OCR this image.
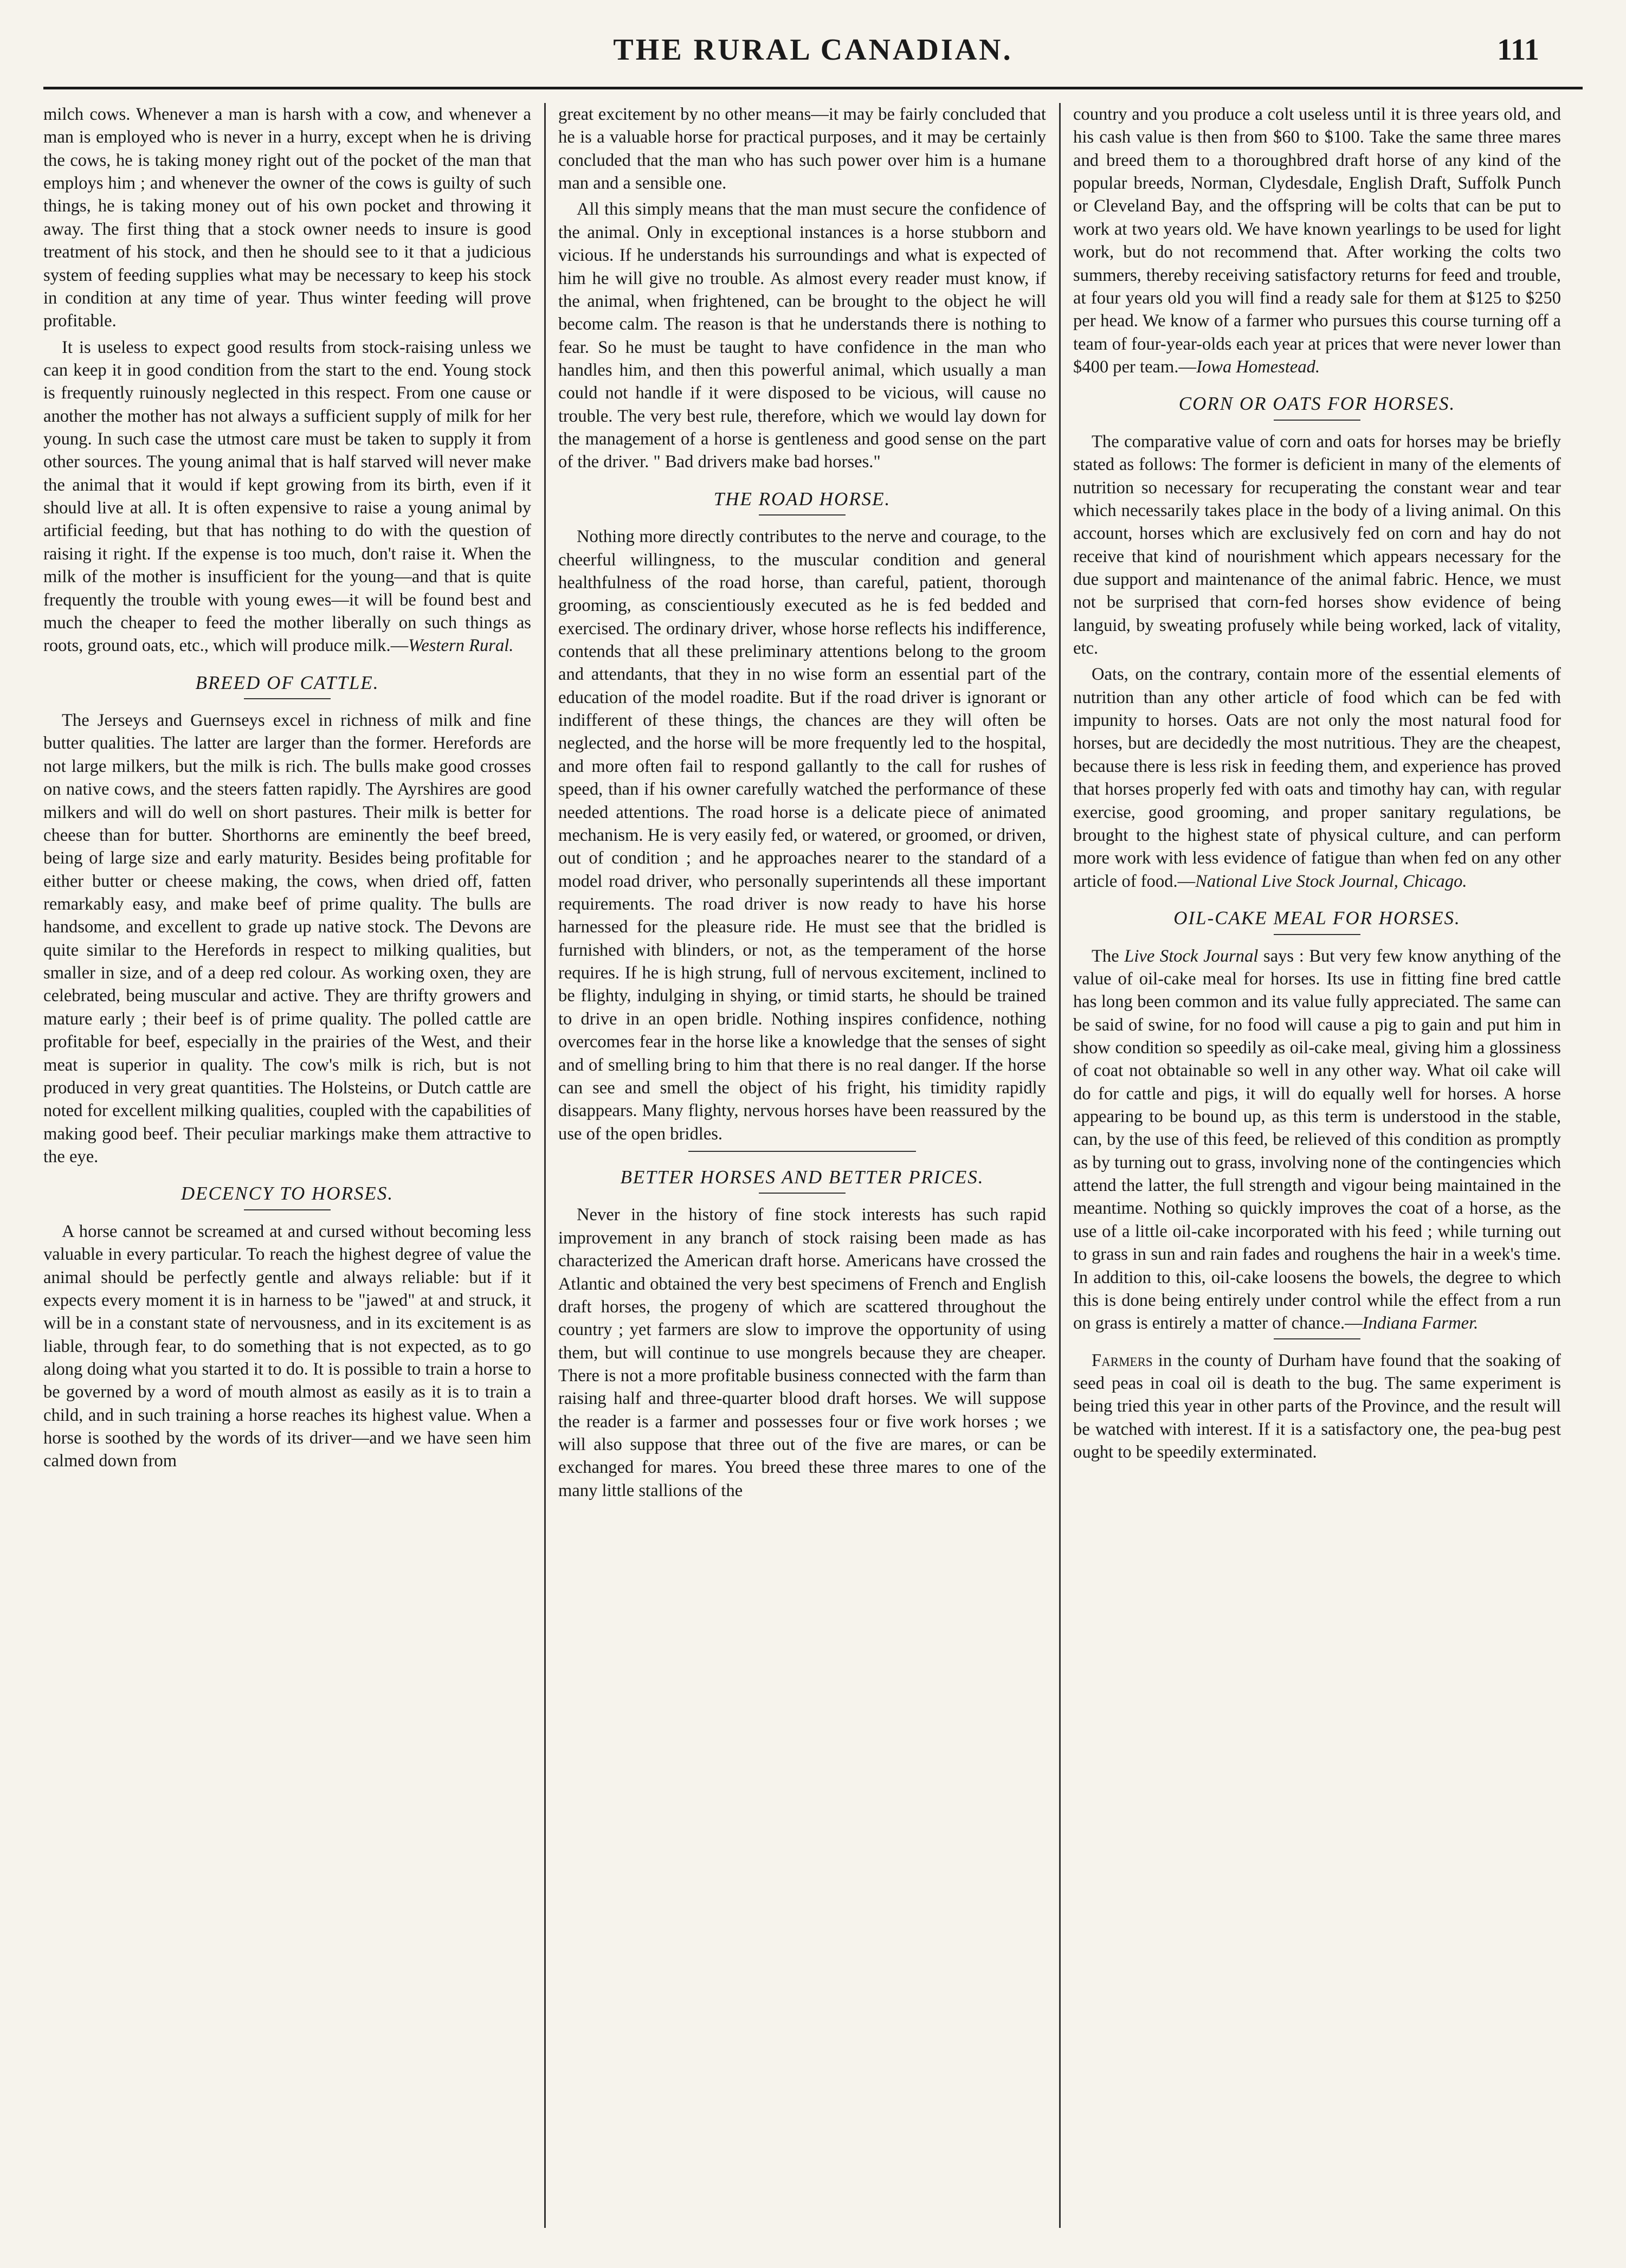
THE RURAL CANADIAN.	111

milch cows. Whenever a man is harsh with a cow, and whenever a man is employed who is never in a hurry, except when he is driving the cows, he is taking money right out of the pocket of the man that employs him ; and whenever the owner of the cows is guilty of such things, he is taking money out of his own pocket and throwing it away. The first thing that a stock owner needs to insure is good treatment of his stock, and then he should see to it that a judicious system of feeding supplies what may be necessary to keep his stock in condition at any time of year. Thus winter feeding will prove profitable.

It is useless to expect good results from stock-raising unless we can keep it in good condition from the start to the end. Young stock is frequently ruinously neglected in this respect. From one cause or another the mother has not always a sufficient supply of milk for her young. In such case the utmost care must be taken to supply it from other sources. The young animal that is half starved will never make the animal that it would if kept growing from its birth, even if it should live at all. It is often expensive to raise a young animal by artificial feeding, but that has nothing to do with the question of raising it right. If the expense is too much, don't raise it. When the milk of the mother is insufficient for the young—and that is quite frequently the trouble with young ewes—it will be found best and much the cheaper to feed the mother liberally on such things as roots, ground oats, etc., which will produce milk.—Western Rural.

BREED OF CATTLE.

The Jerseys and Guernseys excel in richness of milk and fine butter qualities. The latter are larger than the former. Herefords are not large milkers, but the milk is rich. The bulls make good crosses on native cows, and the steers fatten rapidly. The Ayrshires are good milkers and will do well on short pastures. Their milk is better for cheese than for butter. Shorthorns are eminently the beef breed, being of large size and early maturity. Besides being profitable for either butter or cheese making, the cows, when dried off, fatten remarkably easy, and make beef of prime quality. The bulls are handsome, and excellent to grade up native stock. The Devons are quite similar to the Herefords in respect to milking qualities, but smaller in size, and of a deep red colour. As working oxen, they are celebrated, being muscular and active. They are thrifty growers and mature early ; their beef is of prime quality. The polled cattle are profitable for beef, especially in the prairies of the West, and their meat is superior in quality. The cow's milk is rich, but is not produced in very great quantities. The Holsteins, or Dutch cattle are noted for excellent milking qualities, coupled with the capabilities of making good beef. Their peculiar markings make them attractive to the eye.

DECENCY TO HORSES.

A horse cannot be screamed at and cursed without becoming less valuable in every particular. To reach the highest degree of value the animal should be perfectly gentle and always reliable: but if it expects every moment it is in harness to be "jawed" at and struck, it will be in a constant state of nervousness, and in its excitement is as liable, through fear, to do something that is not expected, as to go along doing what you started it to do. It is possible to train a horse to be governed by a word of mouth almost as easily as it is to train a child, and in such training a horse reaches its highest value. When a horse is soothed by the words of its driver—and we have seen him calmed down from

great excitement by no other means—it may be fairly concluded that he is a valuable horse for practical purposes, and it may be certainly concluded that the man who has such power over him is a humane man and a sensible one.

All this simply means that the man must secure the confidence of the animal. Only in exceptional instances is a horse stubborn and vicious. If he understands his surroundings and what is expected of him he will give no trouble. As almost every reader must know, if the animal, when frightened, can be brought to the object he will become calm. The reason is that he understands there is nothing to fear. So he must be taught to have confidence in the man who handles him, and then this powerful animal, which usually a man could not handle if it were disposed to be vicious, will cause no trouble. The very best rule, therefore, which we would lay down for the management of a horse is gentleness and good sense on the part of the driver. " Bad drivers make bad horses."

THE ROAD HORSE.

Nothing more directly contributes to the nerve and courage, to the cheerful willingness, to the muscular condition and general healthfulness of the road horse, than careful, patient, thorough grooming, as conscientiously executed as he is fed bedded and exercised. The ordinary driver, whose horse reflects his indifference, contends that all these preliminary attentions belong to the groom and attendants, that they in no wise form an essential part of the education of the model roadite. But if the road driver is ignorant or indifferent of these things, the chances are they will often be neglected, and the horse will be more frequently led to the hospital, and more often fail to respond gallantly to the call for rushes of speed, than if his owner carefully watched the performance of these needed attentions. The road horse is a delicate piece of animated mechanism. He is very easily fed, or watered, or groomed, or driven, out of condition ; and he approaches nearer to the standard of a model road driver, who personally superintends all these important requirements. The road driver is now ready to have his horse harnessed for the pleasure ride. He must see that the bridled is furnished with blinders, or not, as the temperament of the horse requires. If he is high strung, full of nervous excitement, inclined to be flighty, indulging in shying, or timid starts, he should be trained to drive in an open bridle. Nothing inspires confidence, nothing overcomes fear in the horse like a knowledge that the senses of sight and of smelling bring to him that there is no real danger. If the horse can see and smell the object of his fright, his timidity rapidly disappears. Many flighty, nervous horses have been reassured by the use of the open bridles.

BETTER HORSES AND BETTER PRICES.

Never in the history of fine stock interests has such rapid improvement in any branch of stock raising been made as has characterized the American draft horse. Americans have crossed the Atlantic and obtained the very best specimens of French and English draft horses, the progeny of which are scattered throughout the country ; yet farmers are slow to improve the opportunity of using them, but will continue to use mongrels because they are cheaper. There is not a more profitable business connected with the farm than raising half and three-quarter blood draft horses. We will suppose the reader is a farmer and possesses four or five work horses ; we will also suppose that three out of the five are mares, or can be exchanged for mares. You breed these three mares to one of the many little stallions of the

country and you produce a colt useless until it is three years old, and his cash value is then from $60 to $100. Take the same three mares and breed them to a thoroughbred draft horse of any kind of the popular breeds, Norman, Clydesdale, English Draft, Suffolk Punch or Cleveland Bay, and the offspring will be colts that can be put to work at two years old. We have known yearlings to be used for light work, but do not recommend that. After working the colts two summers, thereby receiving satisfactory returns for feed and trouble, at four years old you will find a ready sale for them at $125 to $250 per head. We know of a farmer who pursues this course turning off a team of four-year-olds each year at prices that were never lower than $400 per team.—Iowa Homestead.

CORN OR OATS FOR HORSES.

The comparative value of corn and oats for horses may be briefly stated as follows: The former is deficient in many of the elements of nutrition so necessary for recuperating the constant wear and tear which necessarily takes place in the body of a living animal. On this account, horses which are exclusively fed on corn and hay do not receive that kind of nourishment which appears necessary for the due support and maintenance of the animal fabric. Hence, we must not be surprised that corn-fed horses show evidence of being languid, by sweating profusely while being worked, lack of vitality, etc.

Oats, on the contrary, contain more of the essential elements of nutrition than any other article of food which can be fed with impunity to horses. Oats are not only the most natural food for horses, but are decidedly the most nutritious. They are the cheapest, because there is less risk in feeding them, and experience has proved that horses properly fed with oats and timothy hay can, with regular exercise, good grooming, and proper sanitary regulations, be brought to the highest state of physical culture, and can perform more work with less evidence of fatigue than when fed on any other article of food.—National Live Stock Journal, Chicago.

OIL-CAKE MEAL FOR HORSES.

The Live Stock Journal says : But very few know anything of the value of oil-cake meal for horses. Its use in fitting fine bred cattle has long been common and its value fully appreciated. The same can be said of swine, for no food will cause a pig to gain and put him in show condition so speedily as oil-cake meal, giving him a glossiness of coat not obtainable so well in any other way. What oil cake will do for cattle and pigs, it will do equally well for horses. A horse appearing to be bound up, as this term is understood in the stable, can, by the use of this feed, be relieved of this condition as promptly as by turning out to grass, involving none of the contingencies which attend the latter, the full strength and vigour being maintained in the meantime. Nothing so quickly improves the coat of a horse, as the use of a little oil-cake incorporated with his feed ; while turning out to grass in sun and rain fades and roughens the hair in a week's time. In addition to this, oil-cake loosens the bowels, the degree to which this is done being entirely under control while the effect from a run on grass is entirely a matter of chance.—Indiana Farmer.

Farmers in the county of Durham have found that the soaking of seed peas in coal oil is death to the bug. The same experiment is being tried this year in other parts of the Province, and the result will be watched with interest. If it is a satisfactory one, the pea-bug pest ought to be speedily exterminated.
